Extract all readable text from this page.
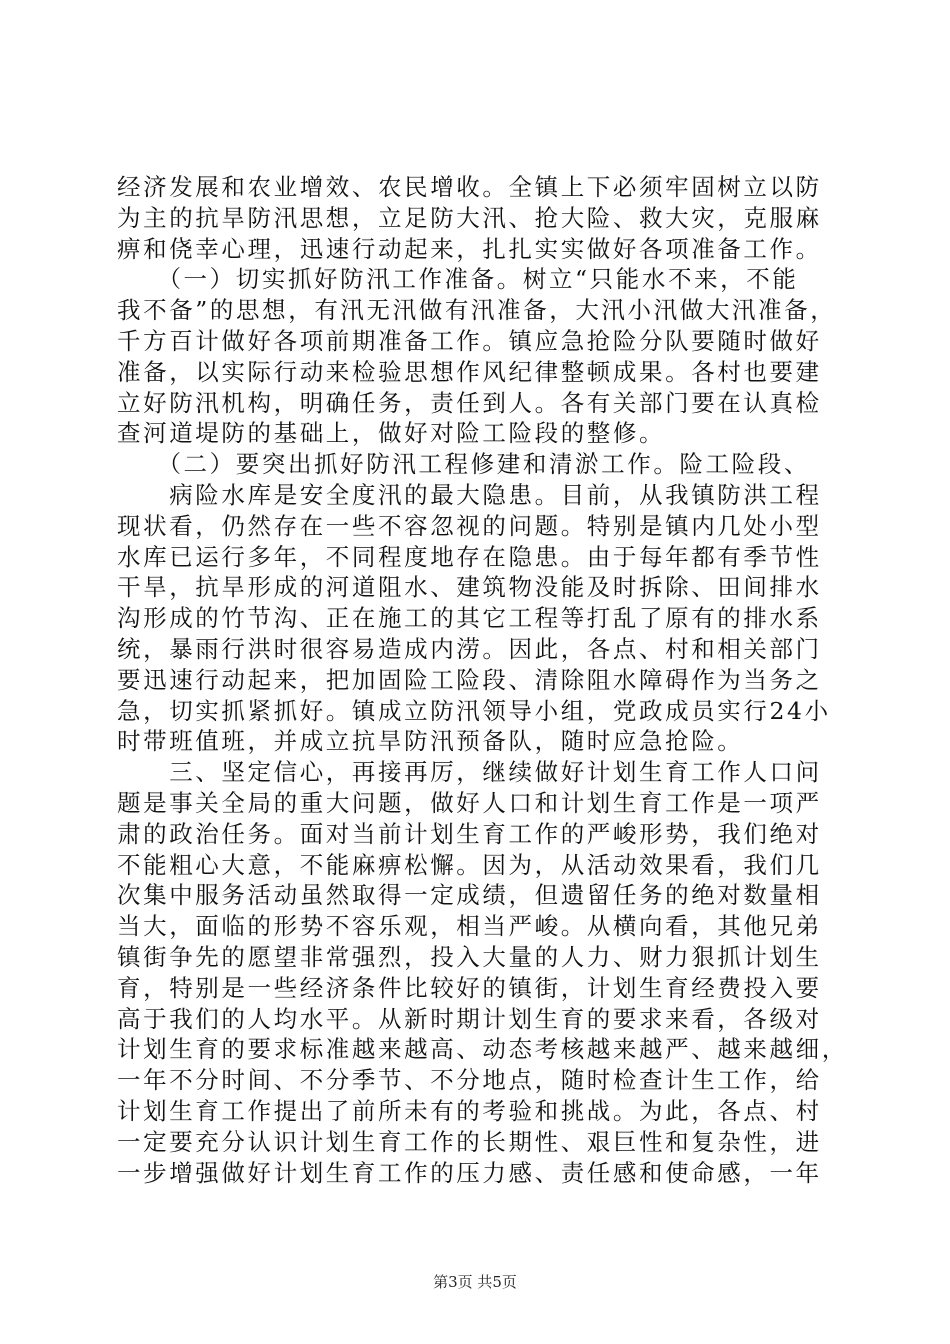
经济发展和农业增效、农民增收。全镇上下必须牢固树立以防
为主的抗旱防汛思想，立足防大汛、抢大险、救大灾，克服麻
痹和侥幸心理，迅速行动起来，扎扎实实做好各项准备工作。
　　（一）切实抓好防汛工作准备。树立“只能水不来，不能
我不备”的思想，有汛无汛做有汛准备，大汛小汛做大汛准备，
千方百计做好各项前期准备工作。镇应急抢险分队要随时做好
准备，以实际行动来检验思想作风纪律整顿成果。各村也要建
立好防汛机构，明确任务，责任到人。各有关部门要在认真检
查河道堤防的基础上，做好对险工险段的整修。
　　（二）要突出抓好防汛工程修建和清淤工作。险工险段、
　　病险水库是安全度汛的最大隐患。目前，从我镇防洪工程
现状看，仍然存在一些不容忽视的问题。特别是镇内几处小型
水库已运行多年，不同程度地存在隐患。由于每年都有季节性
干旱，抗旱形成的河道阻水、建筑物没能及时拆除、田间排水
沟形成的竹节沟、正在施工的其它工程等打乱了原有的排水系
统，暴雨行洪时很容易造成内涝。因此，各点、村和相关部门
要迅速行动起来，把加固险工险段、清除阻水障碍作为当务之
急，切实抓紧抓好。镇成立防汛领导小组，党政成员实行24小
时带班值班，并成立抗旱防汛预备队，随时应急抢险。
　　三、坚定信心，再接再厉，继续做好计划生育工作人口问
题是事关全局的重大问题，做好人口和计划生育工作是一项严
肃的政治任务。面对当前计划生育工作的严峻形势，我们绝对
不能粗心大意，不能麻痹松懈。因为，从活动效果看，我们几
次集中服务活动虽然取得一定成绩，但遗留任务的绝对数量相
当大，面临的形势不容乐观，相当严峻。从横向看，其他兄弟
镇街争先的愿望非常强烈，投入大量的人力、财力狠抓计划生
育，特别是一些经济条件比较好的镇街，计划生育经费投入要
高于我们的人均水平。从新时期计划生育的要求来看，各级对
计划生育的要求标准越来越高、动态考核越来越严、越来越细，
一年不分时间、不分季节、不分地点，随时检查计生工作，给
计划生育工作提出了前所未有的考验和挑战。为此，各点、村
一定要充分认识计划生育工作的长期性、艰巨性和复杂性，进
一步增强做好计划生育工作的压力感、责任感和使命感，一年
第3页 共5页
